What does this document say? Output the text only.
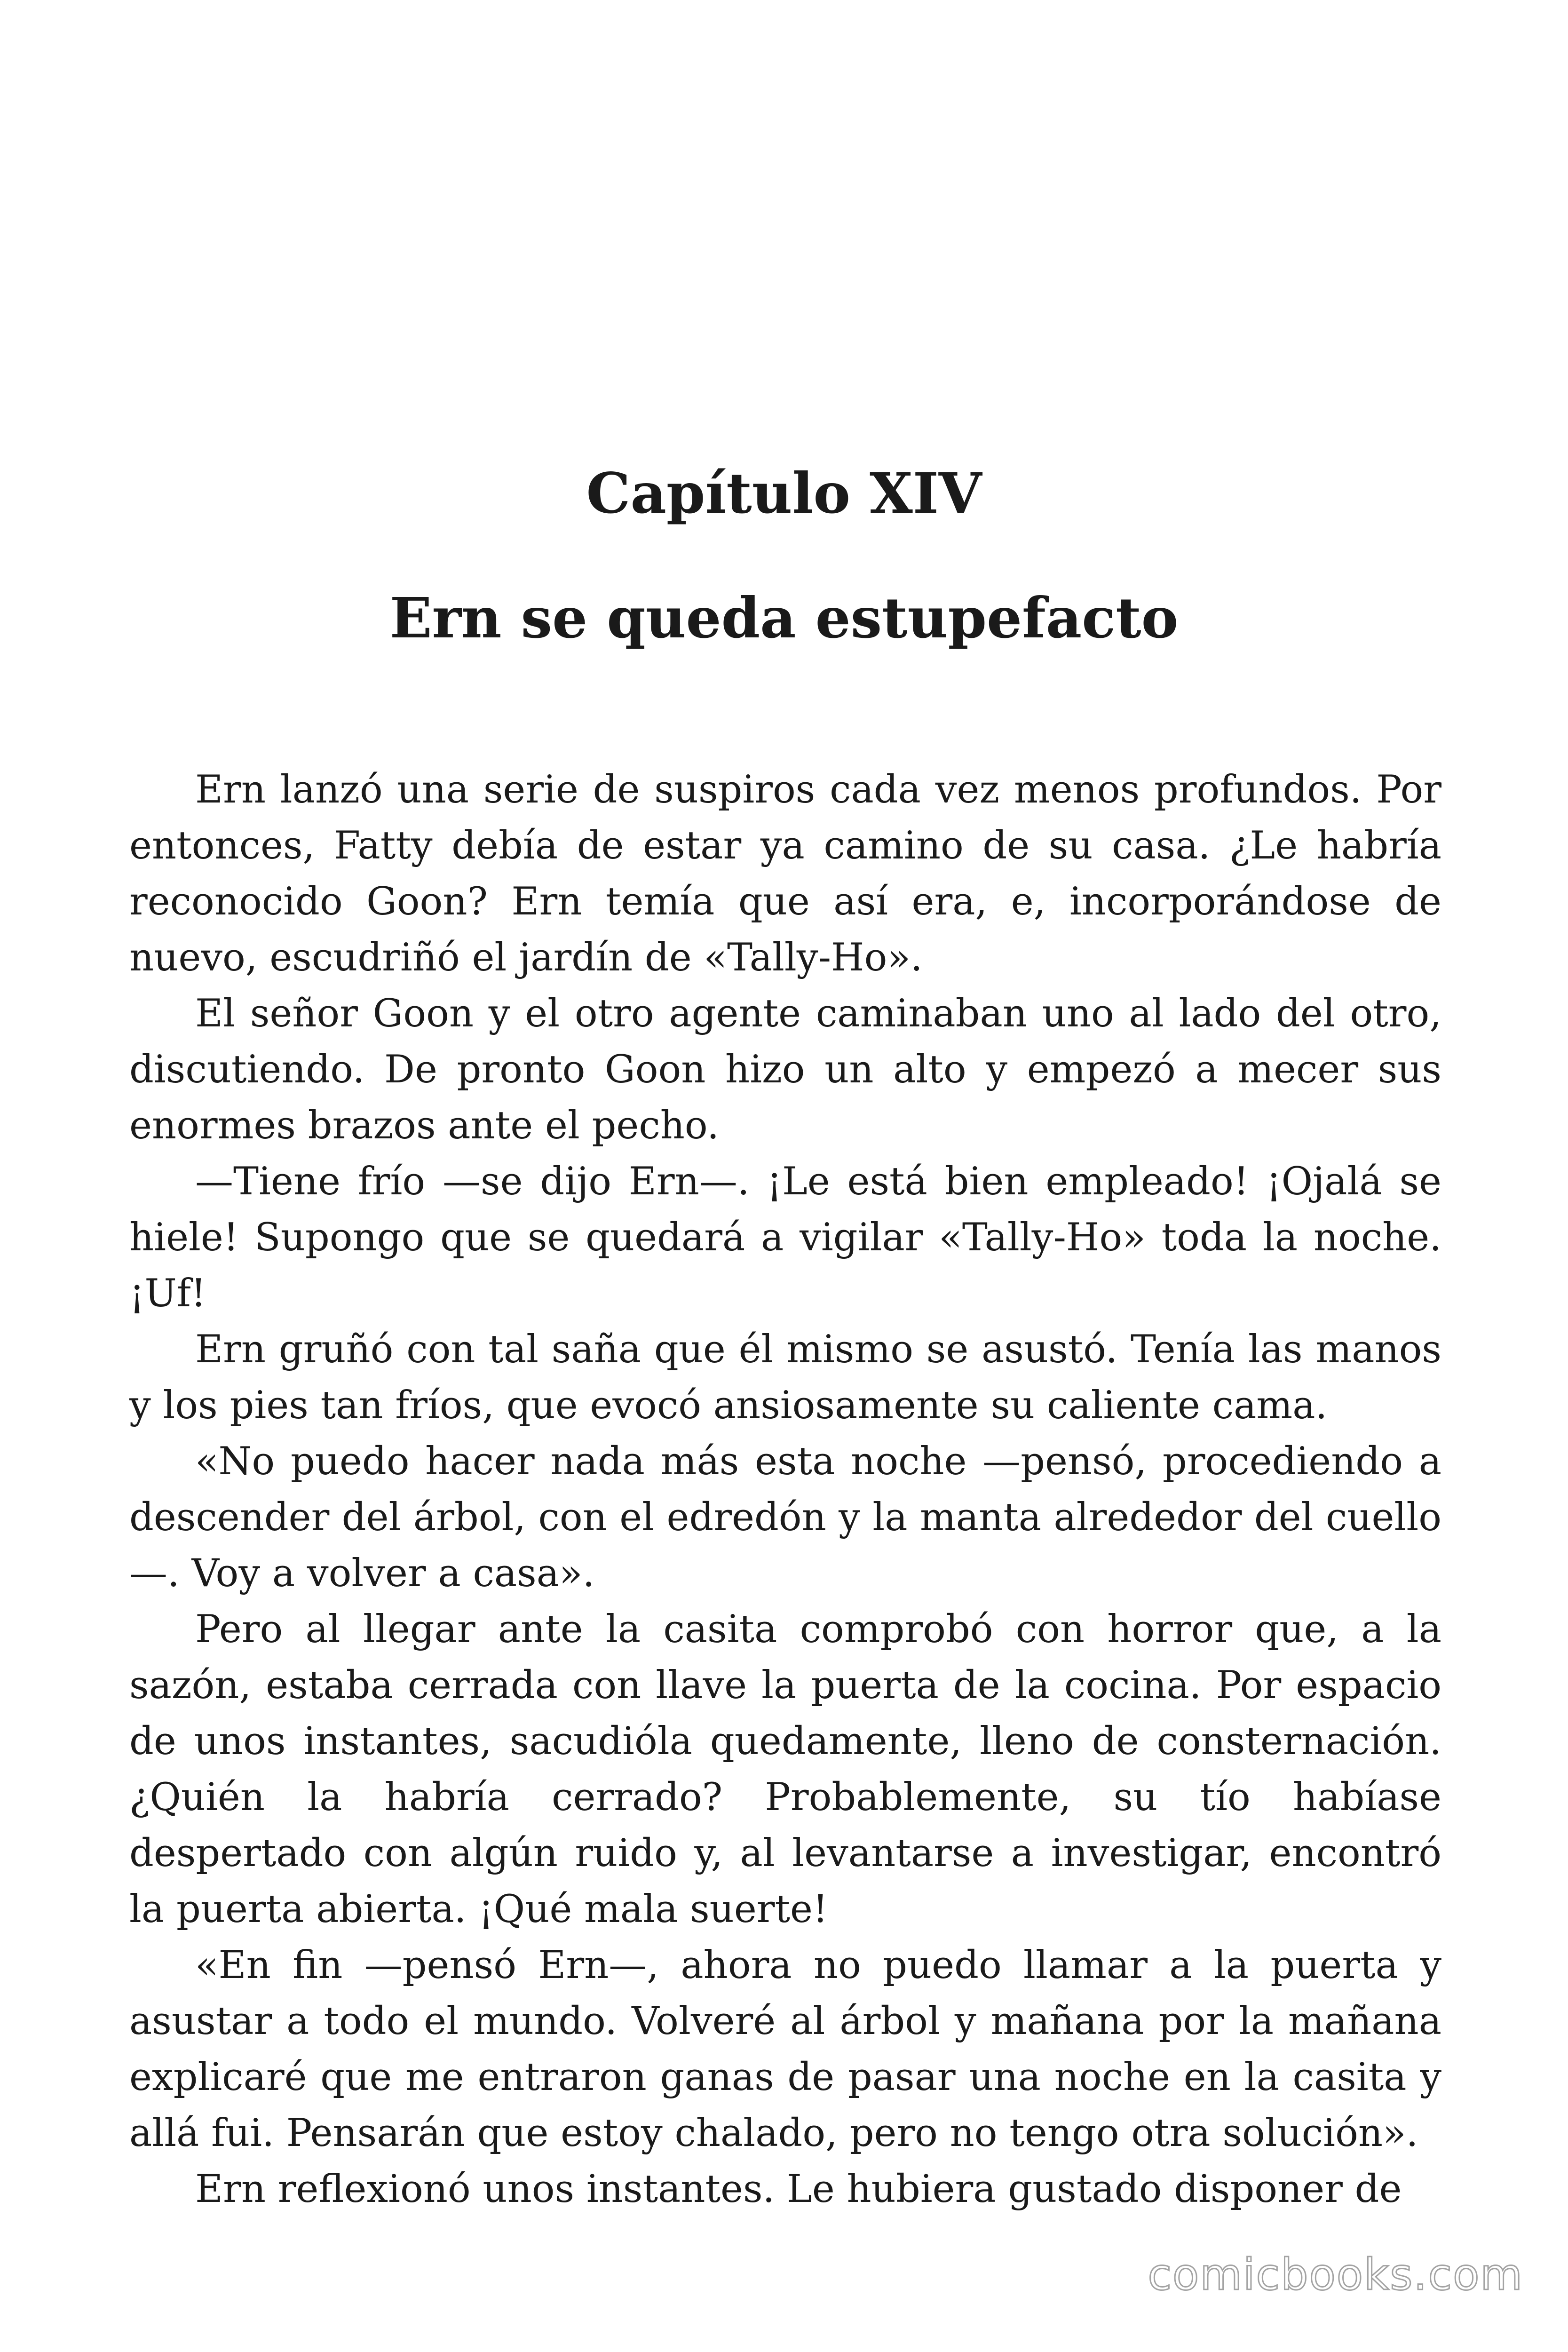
Capítulo XIV
Ern se queda estupefacto

Ern lanzó una serie de suspiros cada vez menos profundos. Por entonces, Fatty debía de estar ya camino de su casa. ¿Le habría reconocido Goon? Ern temía que así era, e, incorporándose de nuevo, escudriñó el jardín de «Tally-Ho».

El señor Goon y el otro agente caminaban uno al lado del otro, discutiendo. De pronto Goon hizo un alto y empezó a mecer sus enormes brazos ante el pecho.

—Tiene frío —se dijo Ern—. ¡Le está bien empleado! ¡Ojalá se hiele! Supongo que se quedará a vigilar «Tally-Ho» toda la noche. ¡Uf!

Ern gruñó con tal saña que él mismo se asustó. Tenía las manos y los pies tan fríos, que evocó ansiosamente su caliente cama.

«No puedo hacer nada más esta noche —pensó, procediendo a descender del árbol, con el edredón y la manta alrededor del cuello —. Voy a volver a casa».

Pero al llegar ante la casita comprobó con horror que, a la sazón, estaba cerrada con llave la puerta de la cocina. Por espacio de unos instantes, sacudióla quedamente, lleno de consternación. ¿Quién la habría cerrado? Probablemente, su tío habíase despertado con algún ruido y, al levantarse a investigar, encontró la puerta abierta. ¡Qué mala suerte!

«En fin —pensó Ern—, ahora no puedo llamar a la puerta y asustar a todo el mundo. Volveré al árbol y mañana por la mañana explicaré que me entraron ganas de pasar una noche en la casita y allá fui. Pensarán que estoy chalado, pero no tengo otra solución».

Ern reflexionó unos instantes. Le hubiera gustado disponer de

comicbooks.com
